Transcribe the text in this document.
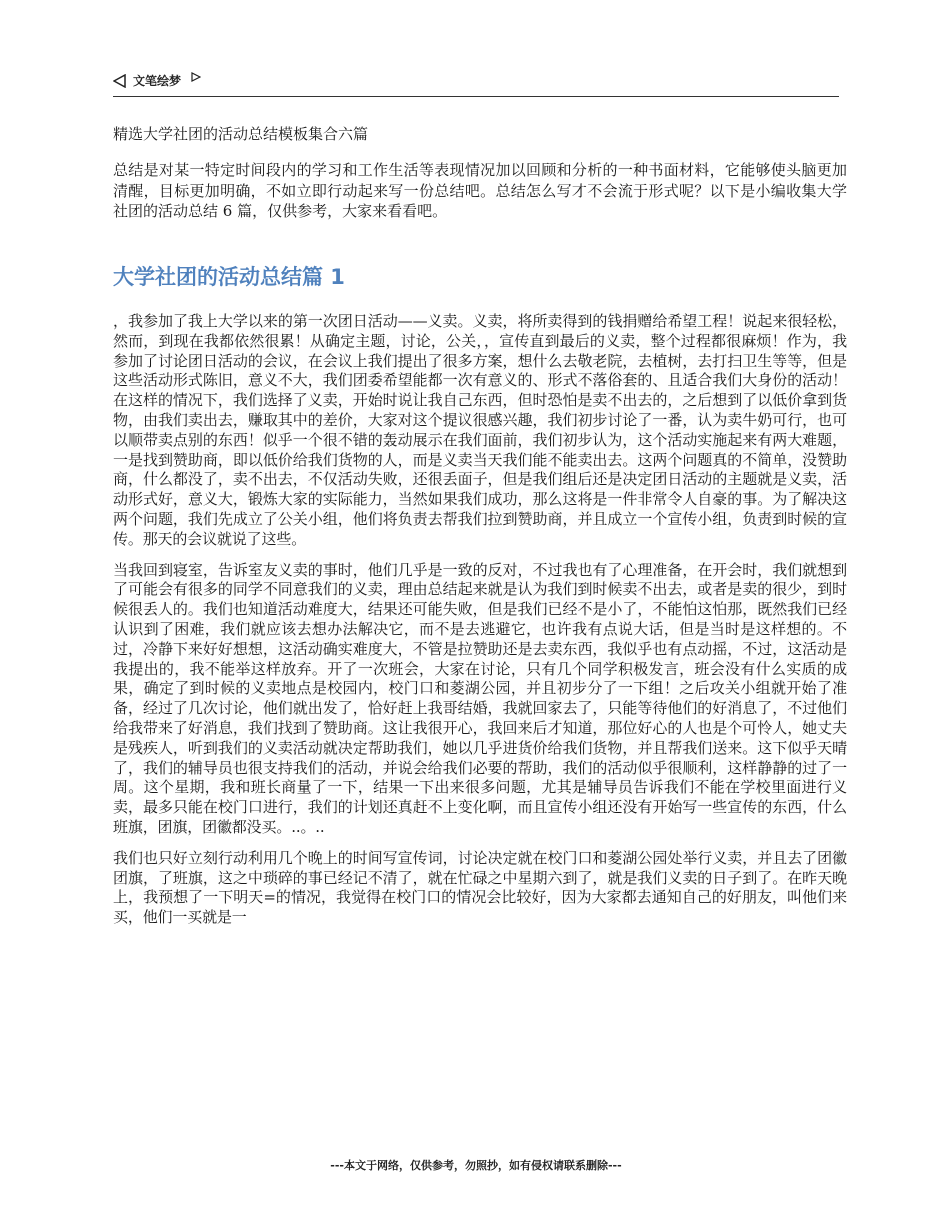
文笔绘梦
精选大学社团的活动总结模板集合六篇
总结是对某一特定时间段内的学习和工作生活等表现情况加以回顾和分析的一种书面材料，它能够使头脑更加清醒，目标更加明确，不如立即行动起来写一份总结吧。总结怎么写才不会流于形式呢？以下是小编收集大学社团的活动总结 6 篇，仅供参考，大家来看看吧。
大学社团的活动总结篇 1

，我参加了我上大学以来的第一次团日活动——义卖。义卖，将所卖得到的钱捐赠给希望工程！说起来很轻松，然而，到现在我都依然很累！从确定主题，讨论，公关，，宣传直到最后的义卖，整个过程都很麻烦！作为，我参加了讨论团日活动的会议，在会议上我们提出了很多方案，想什么去敬老院，去植树，去打扫卫生等等，但是这些活动形式陈旧，意义不大，我们团委希望能都一次有意义的、形式不落俗套的、且适合我们大身份的活动！在这样的情况下，我们选择了义卖，开始时说让我自己东西，但时恐怕是卖不出去的，之后想到了以低价拿到货物，由我们卖出去，赚取其中的差价，大家对这个提议很感兴趣，我们初步讨论了一番，认为卖牛奶可行，也可以顺带卖点别的东西！似乎一个很不错的轰动展示在我们面前，我们初步认为，这个活动实施起来有两大难题，一是找到赞助商，即以低价给我们货物的人，而是义卖当天我们能不能卖出去。这两个问题真的不简单，没赞助商，什么都没了，卖不出去，不仅活动失败，还很丢面子，但是我们组后还是决定团日活动的主题就是义卖，活动形式好，意义大，锻炼大家的实际能力，当然如果我们成功，那么这将是一件非常令人自豪的事。为了解决这两个问题，我们先成立了公关小组，他们将负责去帮我们拉到赞助商，并且成立一个宣传小组，负责到时候的宣传。那天的会议就说了这些。

当我回到寝室，告诉室友义卖的事时，他们几乎是一致的反对，不过我也有了心理准备，在开会时，我们就想到了可能会有很多的同学不同意我们的义卖，理由总结起来就是认为我们到时候卖不出去，或者是卖的很少，到时候很丢人的。我们也知道活动难度大，结果还可能失败，但是我们已经不是小了，不能怕这怕那，既然我们已经认识到了困难，我们就应该去想办法解决它，而不是去逃避它，也许我有点说大话，但是当时是这样想的。不过，冷静下来好好想想，这活动确实难度大，不管是拉赞助还是去卖东西，我似乎也有点动摇，不过，这活动是我提出的，我不能举这样放弃。开了一次班会，大家在讨论，只有几个同学积极发言，班会没有什么实质的成果，确定了到时候的义卖地点是校园内，校门口和菱湖公园，并且初步分了一下组！之后攻关小组就开始了准备，经过了几次讨论，他们就出发了，恰好赶上我哥结婚，我就回家去了，只能等待他们的好消息了，不过他们给我带来了好消息，我们找到了赞助商。这让我很开心，我回来后才知道，那位好心的人也是个可怜人，她丈夫是残疾人，听到我们的义卖活动就决定帮助我们，她以几乎进货价给我们货物，并且帮我们送来。这下似乎天晴了，我们的辅导员也很支持我们的活动，并说会给我们必要的帮助，我们的活动似乎很顺利，这样静静的过了一周。这个星期，我和班长商量了一下，结果一下出来很多问题，尤其是辅导员告诉我们不能在学校里面进行义卖，最多只能在校门口进行，我们的计划还真赶不上变化啊，而且宣传小组还没有开始写一些宣传的东西，什么班旗，团旗，团徽都没买。..。..

我们也只好立刻行动利用几个晚上的时间写宣传词，讨论决定就在校门口和菱湖公园处举行义卖，并且去了团徽团旗，了班旗，这之中琐碎的事已经记不清了，就在忙碌之中星期六到了，就是我们义卖的日子到了。在昨天晚上，我预想了一下明天=的情况，我觉得在校门口的情况会比较好，因为大家都去通知自己的好朋友，叫他们来买，他们一买就是一

---本文于网络，仅供参考，勿照抄，如有侵权请联系删除---
